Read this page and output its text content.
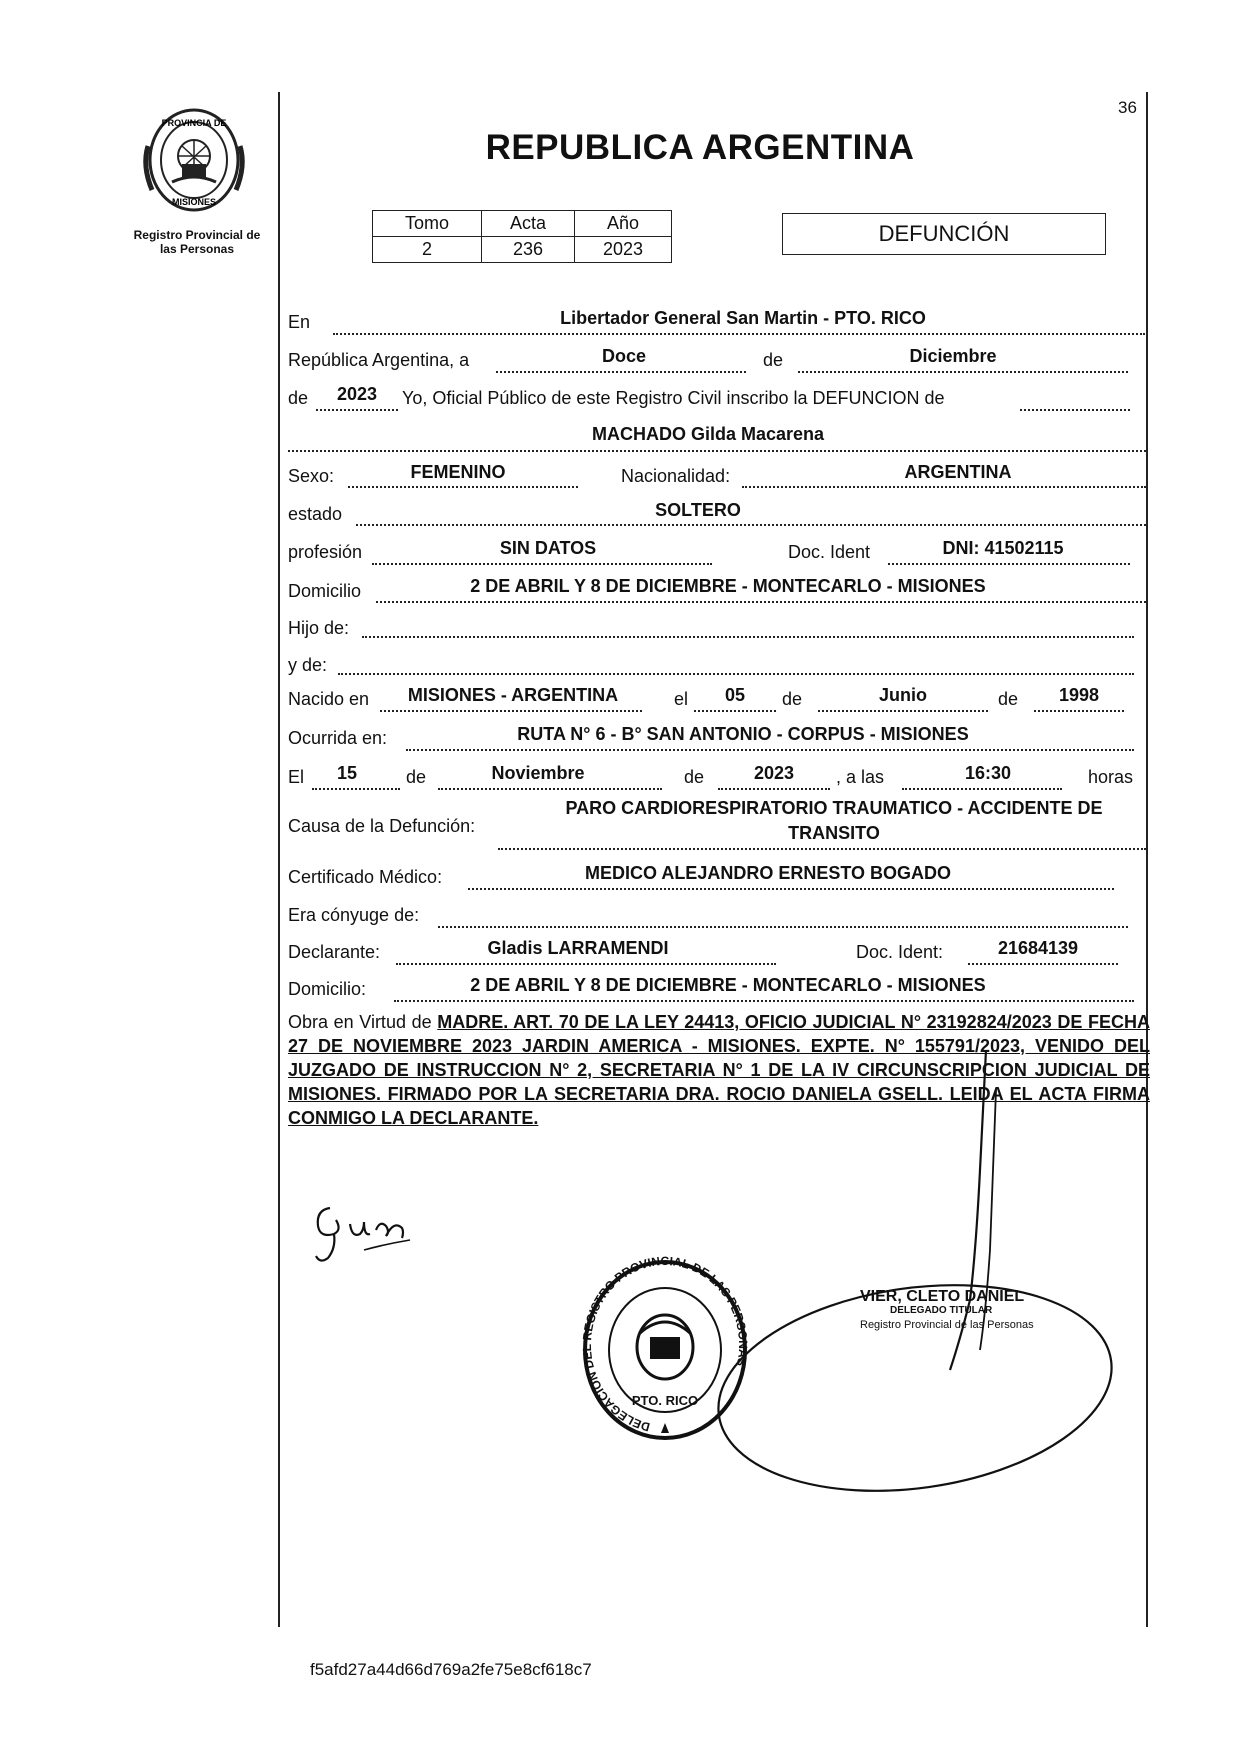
PROVINCIA DE
MISIONES
Registro Provincial de
las Personas
36
REPUBLICA ARGENTINA
Tomo	Acta	Año
2	236	2023
DEFUNCIÓN
En	Libertador General San Martin - PTO. RICO
República Argentina, a	Doce	de	Diciembre
de	2023	Yo, Oficial Público de este Registro Civil inscribo la DEFUNCION de
MACHADO Gilda Macarena
Sexo:	FEMENINO	Nacionalidad:	ARGENTINA
estado	SOLTERO
profesión	SIN DATOS	Doc. Ident	DNI: 41502115
Domicilio	2 DE ABRIL Y 8 DE DICIEMBRE - MONTECARLO - MISIONES
Hijo de:
y de:
Nacido en	MISIONES - ARGENTINA	el	05	de	Junio	de	1998
Ocurrida en:	RUTA N° 6 - B° SAN ANTONIO - CORPUS - MISIONES
El	15	de	Noviembre	de	2023	, a las	16:30	horas
Causa de la Defunción:
PARO CARDIORESPIRATORIO TRAUMATICO - ACCIDENTE DE
TRANSITO
Certificado Médico:	MEDICO ALEJANDRO ERNESTO BOGADO
Era cónyuge de:
Declarante:	Gladis LARRAMENDI	Doc. Ident:	21684139
Domicilio:	2 DE ABRIL Y 8 DE DICIEMBRE - MONTECARLO - MISIONES
Obra en Virtud de MADRE. ART. 70 DE LA LEY 24413, OFICIO JUDICIAL N° 23192824/2023 DE FECHA 27 DE NOVIEMBRE 2023 JARDIN AMERICA - MISIONES. EXPTE. N° 155791/2023, VENIDO DEL JUZGADO DE INSTRUCCION N° 2, SECRETARIA N° 1 DE LA IV CIRCUNSCRIPCION JUDICIAL DE MISIONES. FIRMADO POR LA SECRETARIA DRA. ROCIO DANIELA GSELL. LEIDA EL ACTA FIRMA CONMIGO LA DECLARANTE.
DELEGACION DEL REGISTRO PROVINCIAL DE LAS PERSONAS
PTO. RICO
VIER, CLETO DANIEL
DELEGADO TITULAR
Registro Provincial de las Personas
f5afd27a44d66d769a2fe75e8cf618c7
